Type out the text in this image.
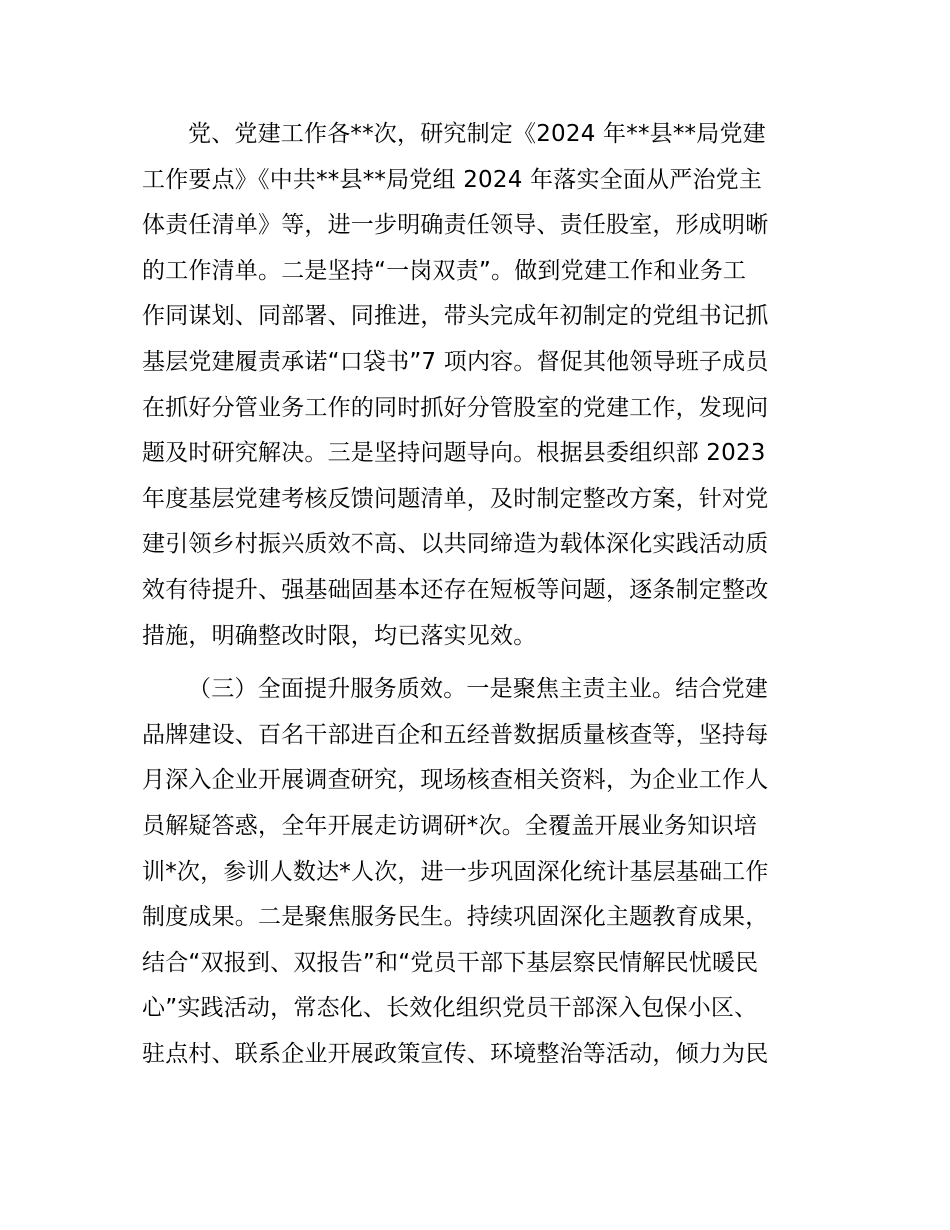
党、党建工作各**次，研究制定《2024 年**县**局党建
工作要点》《中共**县**局党组 2024 年落实全面从严治党主
体责任清单》等，进一步明确责任领导、责任股室，形成明晰
的工作清单。二是坚持“一岗双责”。做到党建工作和业务工
作同谋划、同部署、同推进，带头完成年初制定的党组书记抓
基层党建履责承诺“口袋书”7 项内容。督促其他领导班子成员
在抓好分管业务工作的同时抓好分管股室的党建工作，发现问
题及时研究解决。三是坚持问题导向。根据县委组织部 2023
年度基层党建考核反馈问题清单，及时制定整改方案，针对党
建引领乡村振兴质效不高、以共同缔造为载体深化实践活动质
效有待提升、强基础固基本还存在短板等问题，逐条制定整改
措施，明确整改时限，均已落实见效。

（三）全面提升服务质效。一是聚焦主责主业。结合党建
品牌建设、百名干部进百企和五经普数据质量核查等，坚持每
月深入企业开展调查研究，现场核查相关资料，为企业工作人
员解疑答惑，全年开展走访调研*次。全覆盖开展业务知识培
训*次，参训人数达*人次，进一步巩固深化统计基层基础工作
制度成果。二是聚焦服务民生。持续巩固深化主题教育成果，
结合“双报到、双报告”和“党员干部下基层察民情解民忧暖民
心”实践活动，常态化、长效化组织党员干部深入包保小区、
驻点村、联系企业开展政策宣传、环境整治等活动，倾力为民
